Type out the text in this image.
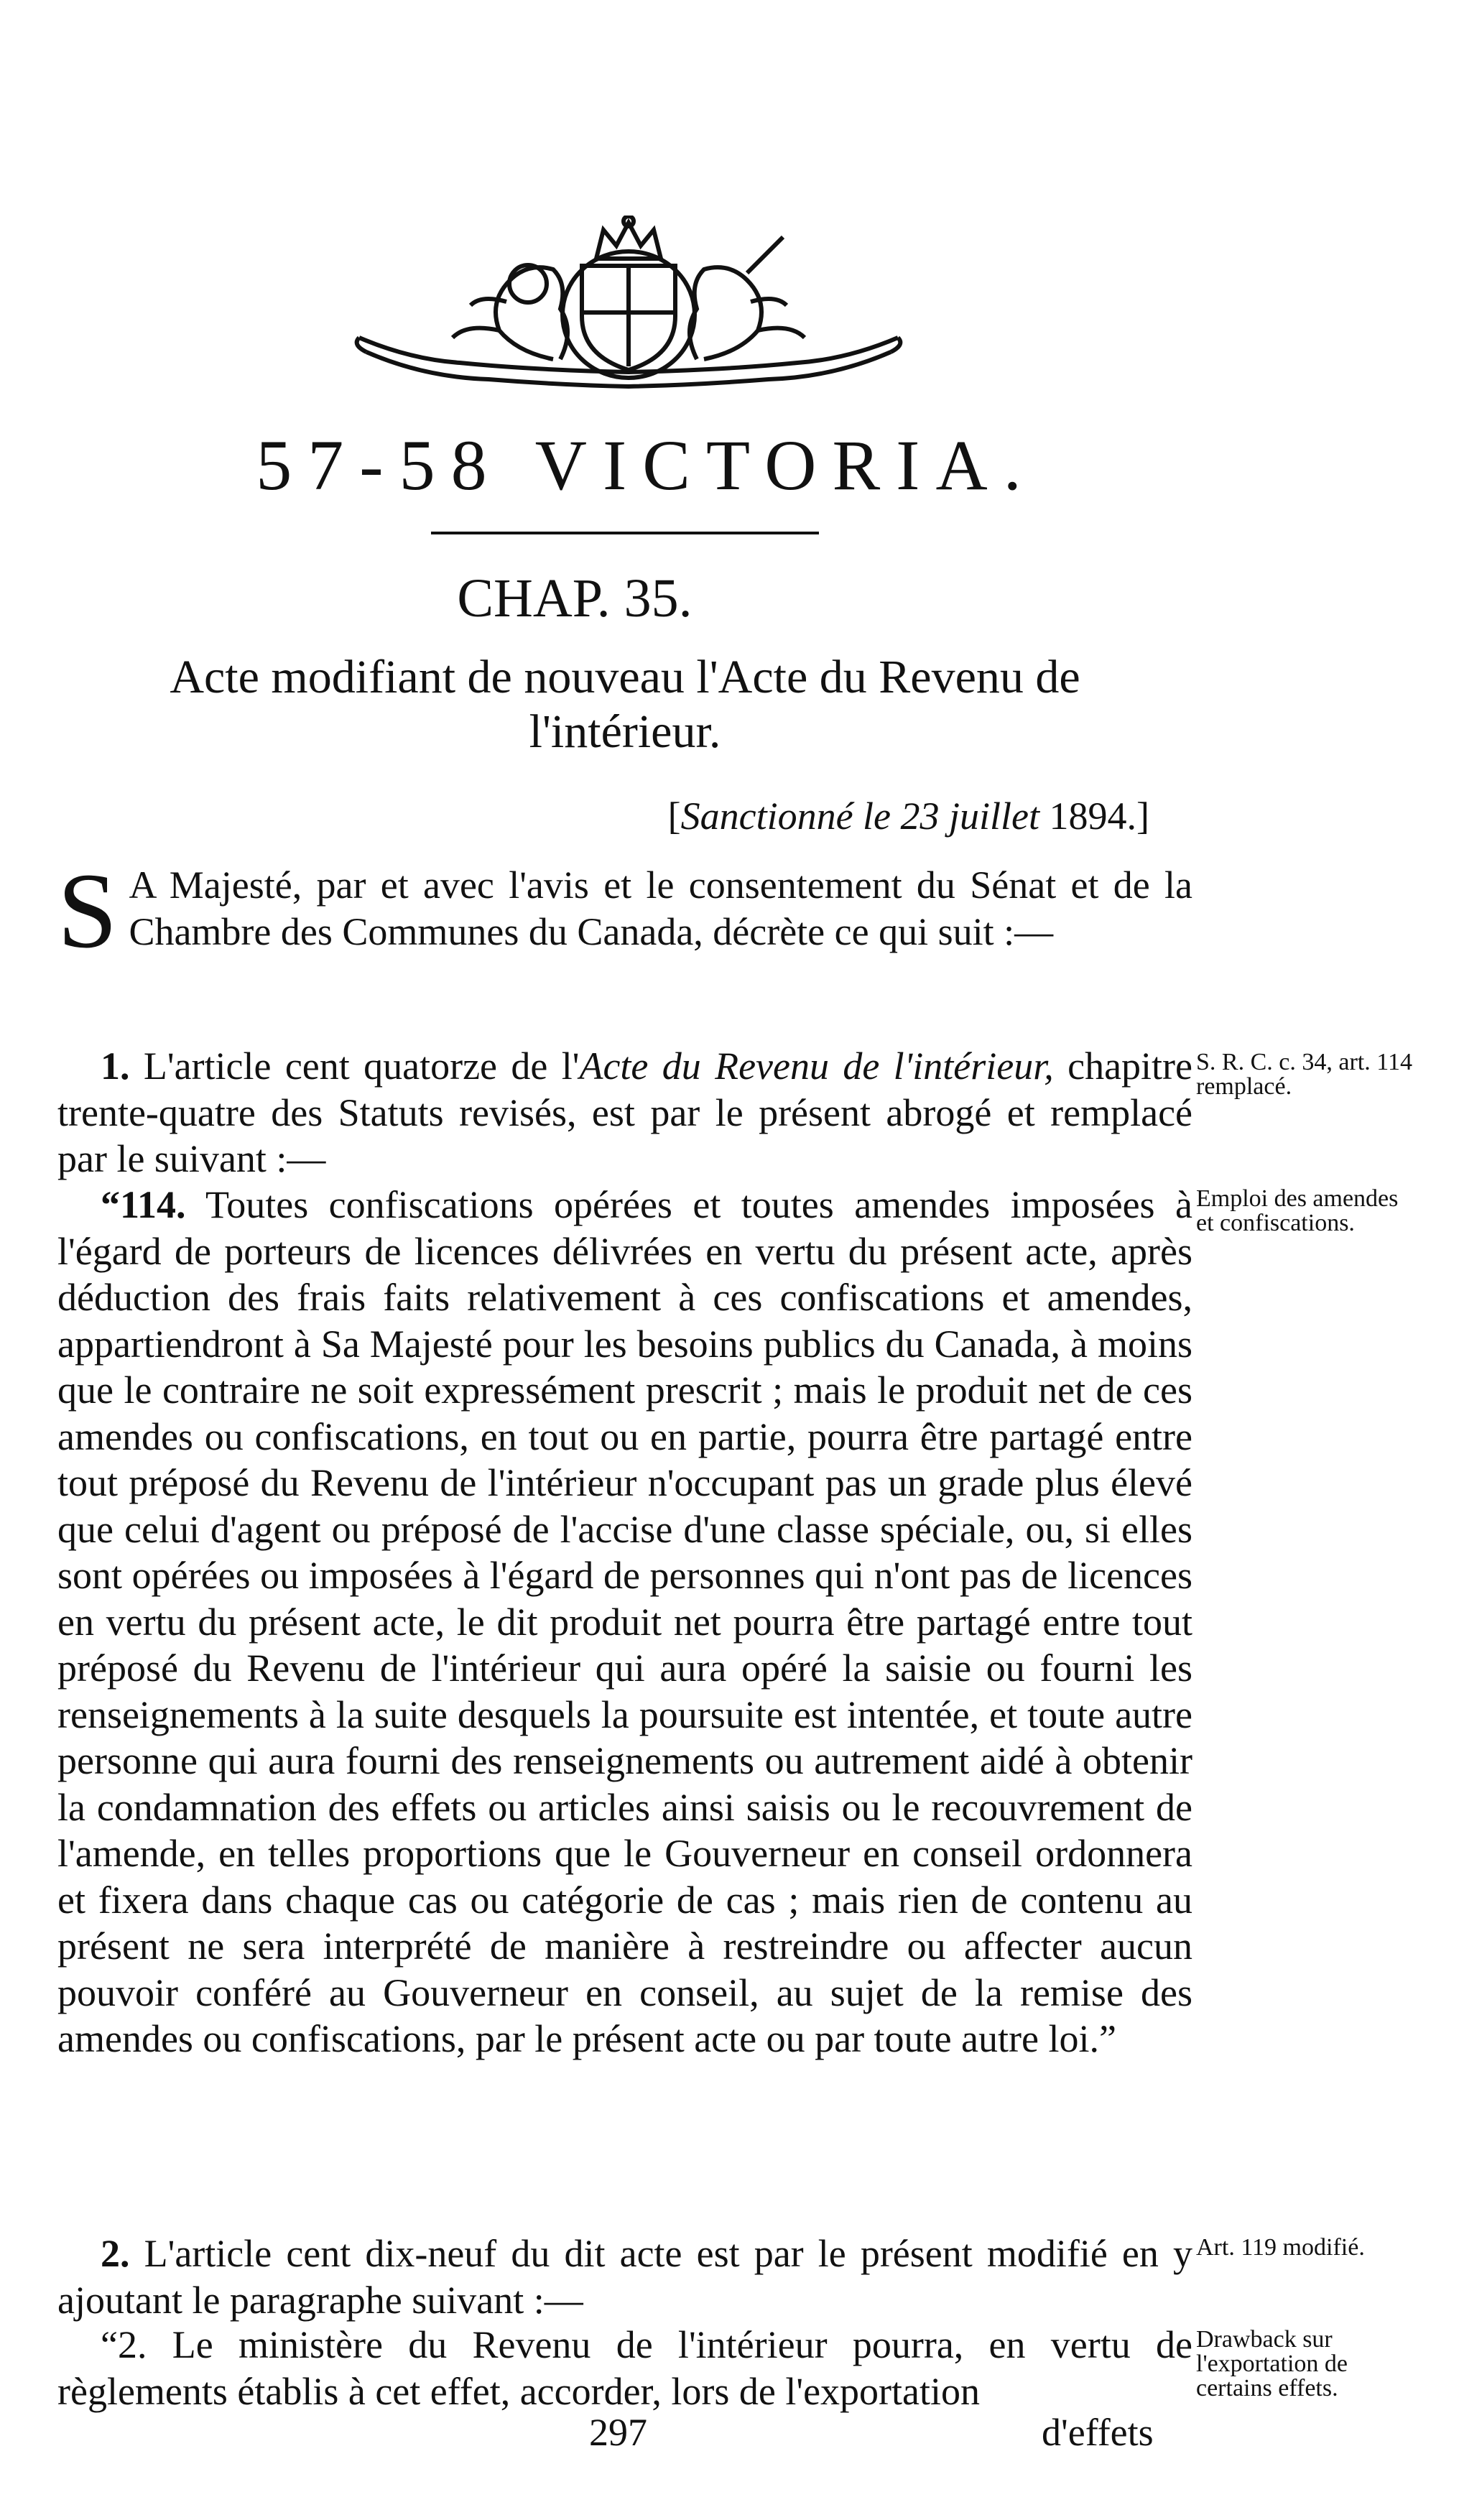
57-58 VICTORIA.
CHAP. 35.
Acte modifiant de nouveau l'Acte du Revenu de l'intérieur.
[Sanctionné le 23 juillet 1894.]

S A Majesté, par et avec l'avis et le consentement du Sénat et de la Chambre des Communes du Canada, décrète ce qui suit :—

1. L'article cent quatorze de l'Acte du Revenu de l'intérieur, chapitre trente-quatre des Statuts revisés, est par le présent abrogé et remplacé par le suivant :—

“114. Toutes confiscations opérées et toutes amendes imposées à l'égard de porteurs de licences délivrées en vertu du présent acte, après déduction des frais faits relativement à ces confiscations et amendes, appartiendront à Sa Majesté pour les besoins publics du Canada, à moins que le contraire ne soit expressément prescrit ; mais le produit net de ces amendes ou confiscations, en tout ou en partie, pourra être partagé entre tout préposé du Revenu de l'intérieur n'occupant pas un grade plus élevé que celui d'agent ou préposé de l'accise d'une classe spéciale, ou, si elles sont opérées ou imposées à l'égard de personnes qui n'ont pas de licences en vertu du présent acte, le dit produit net pourra être partagé entre tout préposé du Revenu de l'intérieur qui aura opéré la saisie ou fourni les renseignements à la suite desquels la poursuite est intentée, et toute autre personne qui aura fourni des renseignements ou autrement aidé à obtenir la condamnation des effets ou articles ainsi saisis ou le recouvrement de l'amende, en telles proportions que le Gouverneur en conseil ordonnera et fixera dans chaque cas ou catégorie de cas ; mais rien de contenu au présent ne sera interprété de manière à restreindre ou affecter aucun pouvoir conféré au Gouverneur en conseil, au sujet de la remise des amendes ou confiscations, par le présent acte ou par toute autre loi.”

2. L'article cent dix-neuf du dit acte est par le présent modifié en y ajoutant le paragraphe suivant :—

“2. Le ministère du Revenu de l'intérieur pourra, en vertu de règlements établis à cet effet, accorder, lors de l'exportation

S. R. C. c. 34, art. 114 remplacé.
Emploi des amendes et confiscations.
Art. 119 modifié.
Drawback sur l'exportation de certains effets.
297	d'effets
